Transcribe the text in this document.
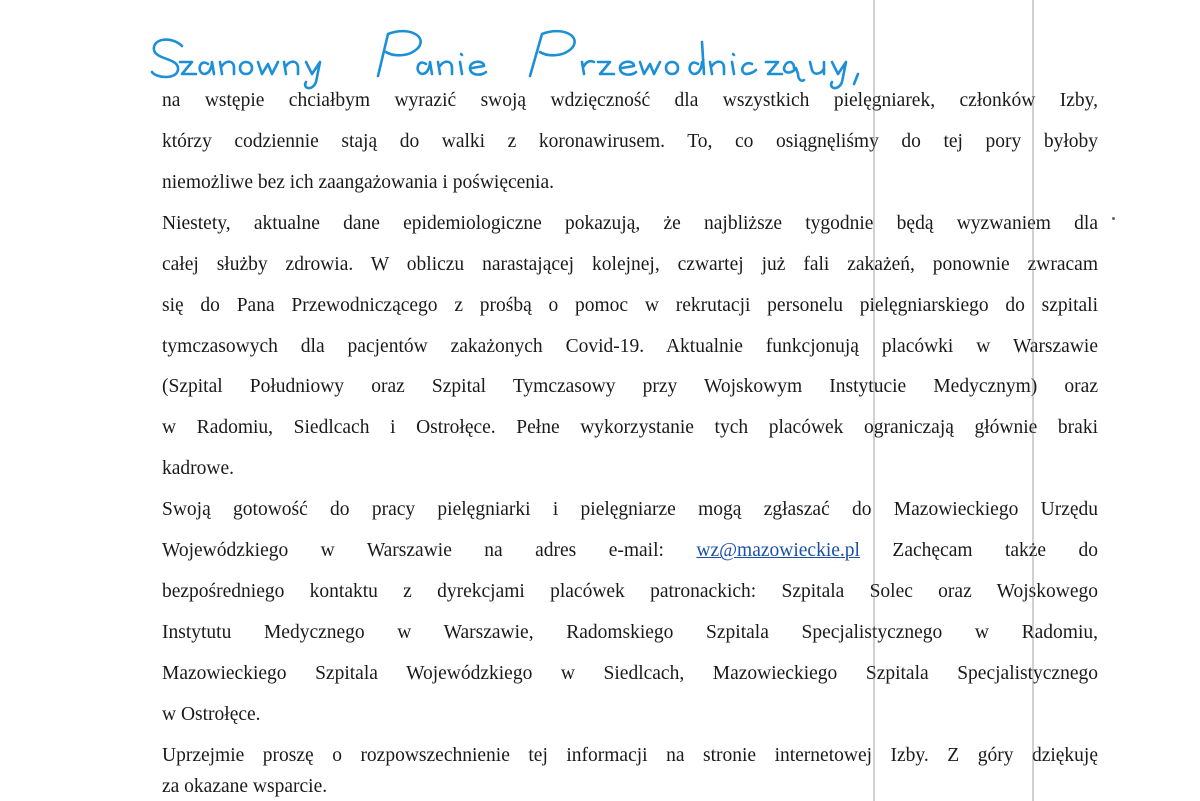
na wstępie chciałbym wyrazić swoją wdzięczność dla wszystkich pielęgniarek, członków Izby,
którzy codziennie stają do walki z koronawirusem. To, co osiągnęliśmy do tej pory byłoby
niemożliwe bez ich zaangażowania i poświęcenia.
Niestety, aktualne dane epidemiologiczne pokazują, że najbliższe tygodnie będą wyzwaniem dla
całej służby zdrowia. W obliczu narastającej kolejnej, czwartej już fali zakażeń, ponownie zwracam
się do Pana Przewodniczącego z prośbą o pomoc w rekrutacji personelu pielęgniarskiego do szpitali
tymczasowych dla pacjentów zakażonych Covid-19. Aktualnie funkcjonują placówki w Warszawie
(Szpital Południowy oraz Szpital Tymczasowy przy Wojskowym Instytucie Medycznym) oraz
w Radomiu, Siedlcach i Ostrołęce. Pełne wykorzystanie tych placówek ograniczają głównie braki
kadrowe.
Swoją gotowość do pracy pielęgniarki i pielęgniarze mogą zgłaszać do Mazowieckiego Urzędu
Wojewódzkiego w Warszawie na adres e-mail: wz@mazowieckie.pl Zachęcam także do
bezpośredniego kontaktu z dyrekcjami placówek patronackich: Szpitala Solec oraz Wojskowego
Instytutu Medycznego w Warszawie, Radomskiego Szpitala Specjalistycznego w Radomiu,
Mazowieckiego Szpitala Wojewódzkiego w Siedlcach, Mazowieckiego Szpitala Specjalistycznego
w Ostrołęce.
Uprzejmie proszę o rozpowszechnienie tej informacji na stronie internetowej Izby. Z góry dziękuję
za okazane wsparcie.
